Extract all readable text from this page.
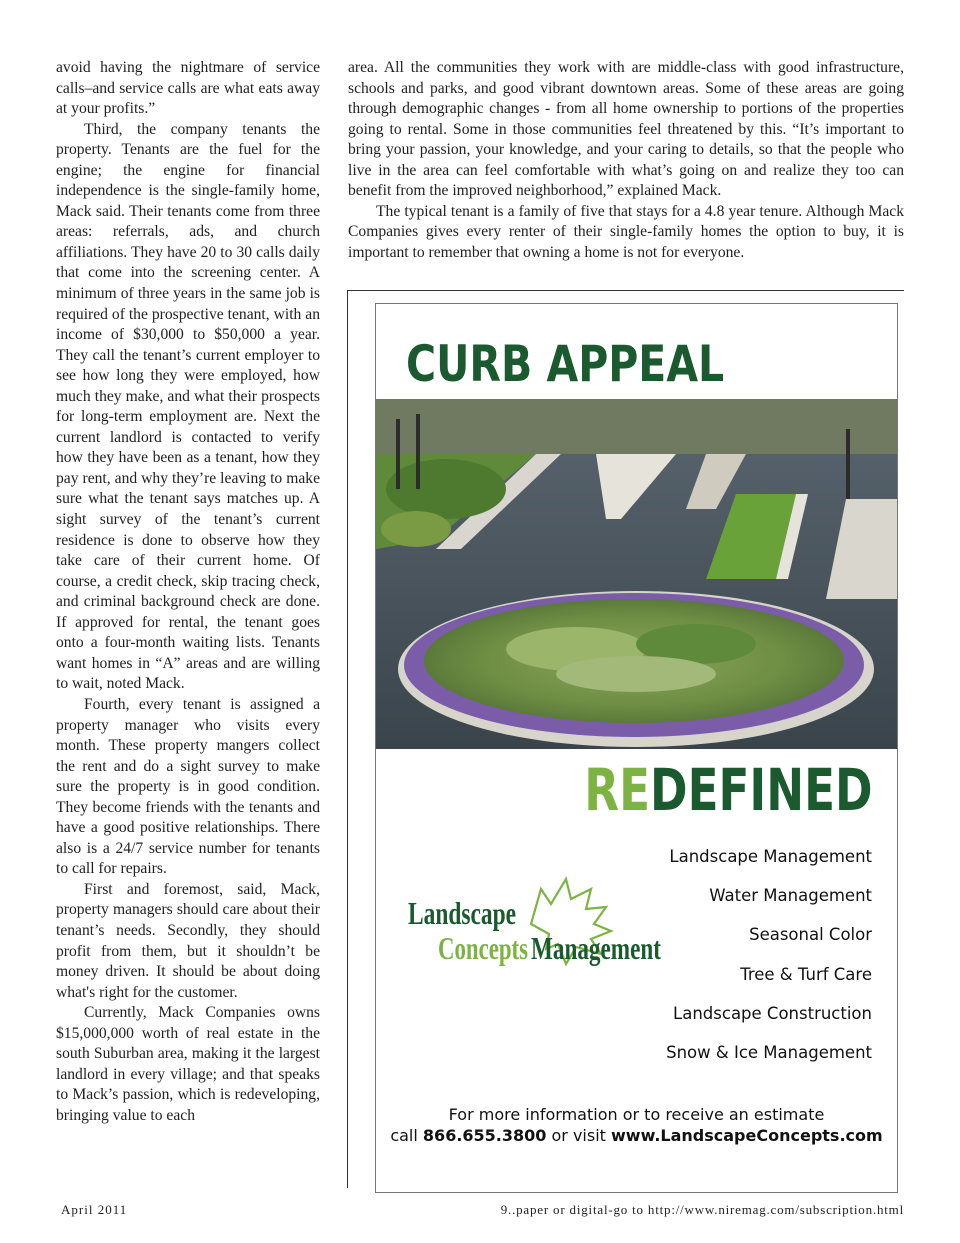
avoid having the nightmare of service calls–and service calls are what eats away at your profits.”

Third, the company tenants the property. Tenants are the fuel for the engine; the engine for financial independence is the single-family home, Mack said. Their tenants come from three areas: referrals, ads, and church affiliations. They have 20 to 30 calls daily that come into the screening center. A minimum of three years in the same job is required of the prospective tenant, with an income of $30,000 to $50,000 a year. They call the tenant’s current employer to see how long they were employed, how much they make, and what their prospects for long-term employment are. Next the current landlord is contacted to verify how they have been as a tenant, how they pay rent, and why they’re leaving to make sure what the tenant says matches up. A sight survey of the tenant’s current residence is done to observe how they take care of their current home. Of course, a credit check, skip tracing check, and criminal background check are done. If approved for rental, the tenant goes onto a four-month waiting lists. Tenants want homes in “A” areas and are willing to wait, noted Mack.

Fourth, every tenant is assigned a property manager who visits every month. These property mangers collect the rent and do a sight survey to make sure the property is in good condition. They become friends with the tenants and have a good positive relationships. There also is a 24/7 service number for tenants to call for repairs.

First and foremost, said, Mack, property managers should care about their tenant’s needs. Secondly, they should profit from them, but it shouldn’t be money driven. It should be about doing what's right for the customer.

Currently, Mack Companies owns $15,000,000 worth of real estate in the south Suburban area, making it the largest landlord in every village; and that speaks to Mack’s passion, which is redeveloping, bringing value to each

area. All the communities they work with are middle-class with good infrastructure, schools and parks, and good vibrant downtown areas. Some of these areas are going through demographic changes - from all home ownership to portions of the properties going to rental. Some in those communities feel threatened by this. “It’s important to bring your passion, your knowledge, and your caring to details, so that the people who live in the area can feel comfortable with what’s going on and realize they too can benefit from the improved neighborhood,” explained Mack.

The typical tenant is a family of five that stays for a 4.8 year tenure. Although Mack Companies gives every renter of their single-family homes the option to buy, it is important to remember that owning a home is not for everyone.

CURB APPEAL
REDEFINED
Landscape
Concepts Management
Landscape Management
Water Management
Seasonal Color
Tree & Turf Care
Landscape Construction
Snow & Ice Management
For more information or to receive an estimate
call 866.655.3800 or visit www.LandscapeConcepts.com
April 2011	9..paper or digital-go to http://www.niremag.com/subscription.html
